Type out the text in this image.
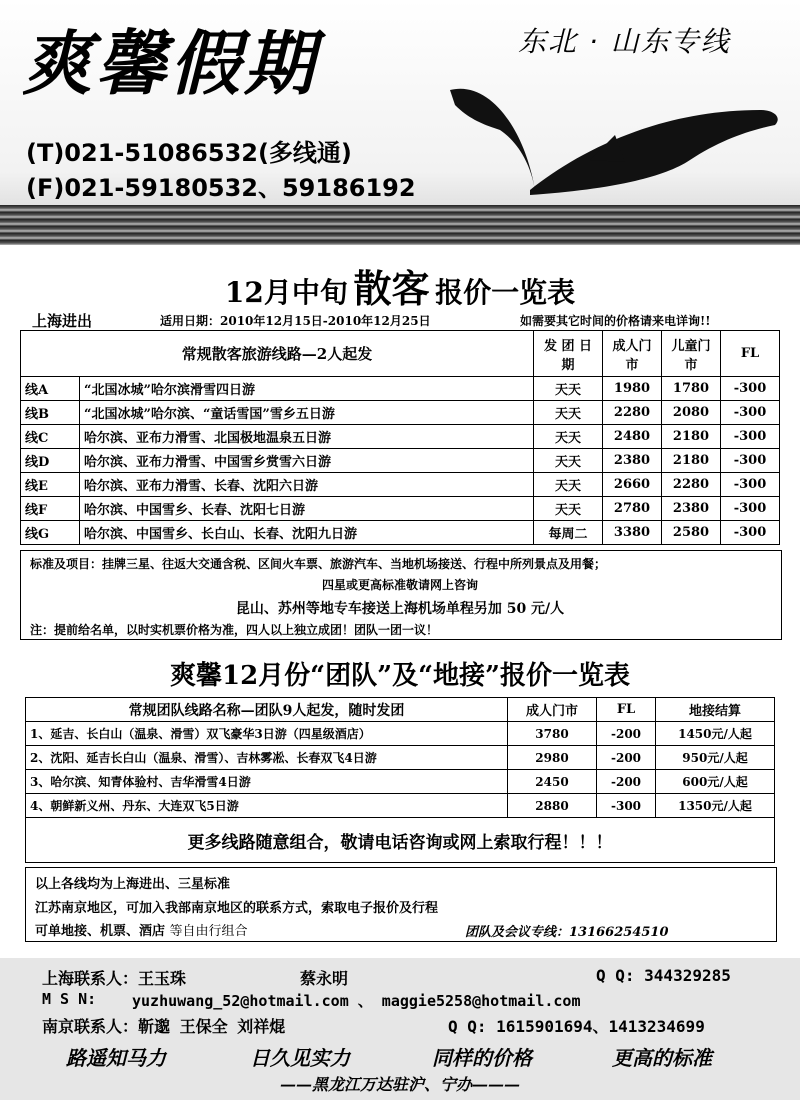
爽馨假期	东北 · 山东专线
(T)021-51086532(多线通)
(F)021-59180532、59186192
12月中旬 散客 报价一览表
上海进出	适用日期：2010年12月15日-2010年12月25日	如需要其它时间的价格请来电详询!!
常规散客旅游线路—2人起发		发 团 日期	成人门市	儿童门市	FL
线A	“北国冰城”哈尔滨滑雪四日游	天天	1980	1780	-300
线B	“北国冰城”哈尔滨、“童话雪国”雪乡五日游	天天	2280	2080	-300
线C	哈尔滨、亚布力滑雪、北国极地温泉五日游	天天	2480	2180	-300
线D	哈尔滨、亚布力滑雪、中国雪乡赏雪六日游	天天	2380	2180	-300
线E	哈尔滨、亚布力滑雪、长春、沈阳六日游	天天	2660	2280	-300
线F	哈尔滨、中国雪乡、长春、沈阳七日游	天天	2780	2380	-300
线G	哈尔滨、中国雪乡、长白山、长春、沈阳九日游	每周二	3380	2580	-300
标准及项目：挂牌三星、往返大交通含税、区间火车票、旅游汽车、当地机场接送、行程中所列景点及用餐；
四星或更高标准敬请网上咨询
昆山、苏州等地专车接送上海机场单程另加 50 元/人
注：提前给名单，以时实机票价格为准，四人以上独立成团！团队一团一议！
爽馨12月份“团队”及“地接”报价一览表
常规团队线路名称—团队9人起发，随时发团	成人门市	FL	地接结算
1、延吉、长白山（温泉、滑雪）双飞豪华3日游（四星级酒店）	3780	-200	1450元/人起
2、沈阳、延吉长白山（温泉、滑雪）、吉林雾凇、长春双飞4日游	2980	-200	950元/人起
3、哈尔滨、知青体验村、吉华滑雪4日游	2450	-200	600元/人起
4、朝鲜新义州、丹东、大连双飞5日游	2880	-300	1350元/人起
更多线路随意组合，敬请电话咨询或网上索取行程！！！			
以上各线均为上海进出、三星标准
江苏南京地区，可加入我部南京地区的联系方式，索取电子报价及行程
可单地接、机票、酒店 等自由行组合	团队及会议专线：13166254510
上海联系人：王玉珠	蔡永明	Q Q: 344329285
M S N: yuzhuwang_52@hotmail.com 、 maggie5258@hotmail.com
南京联系人：靳邈 王保全 刘祥焜	Q Q: 1615901694、1413234699
路遥知马力	日久见实力	同样的价格	更高的标准
——黑龙江万达驻沪、宁办———
